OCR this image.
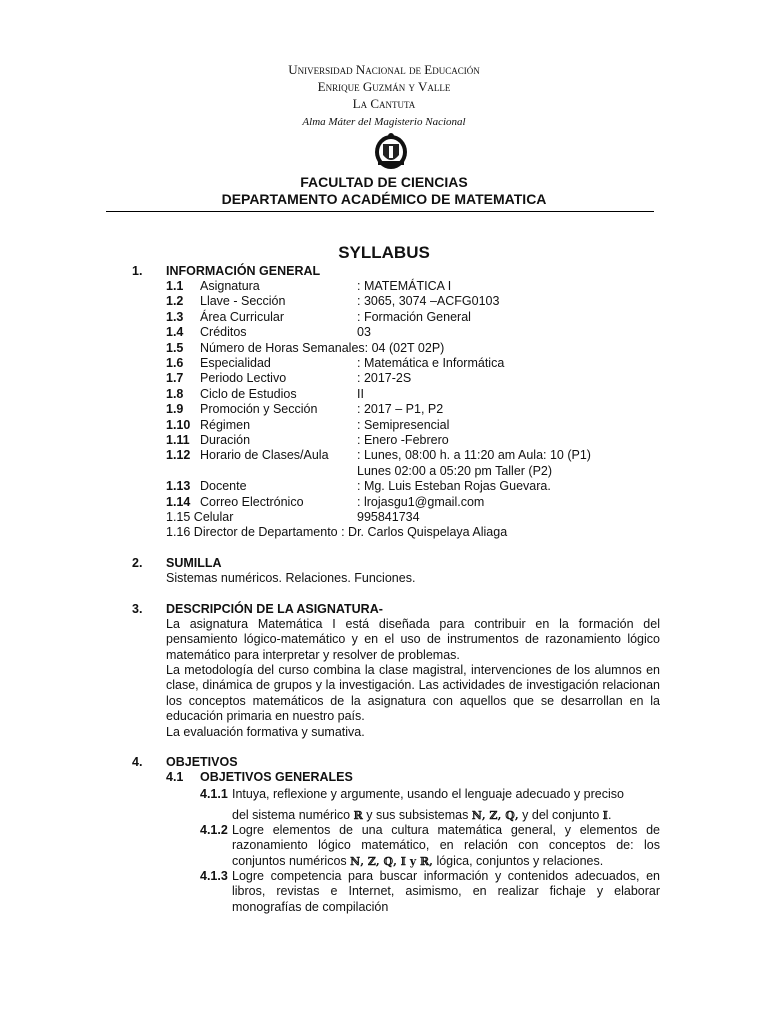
Universidad Nacional de Educación
Enrique Guzmán y Valle
La Cantuta
Alma Máter del Magisterio Nacional
FACULTAD DE CIENCIAS
DEPARTAMENTO ACADÉMICO DE MATEMATICA
SYLLABUS
1. INFORMACIÓN GENERAL
1.1 Asignatura	: MATEMÁTICA I
1.2 Llave - Sección	: 3065, 3074 –ACFG0103
1.3 Área Curricular	: Formación General
1.4 Créditos	03
1.5 Número de Horas Semanales: 04 (02T 02P)
1.6 Especialidad	: Matemática e Informática
1.7 Periodo Lectivo	: 2017-2S
1.8 Ciclo de Estudios	II
1.9 Promoción y Sección	: 2017 – P1, P2
1.10 Régimen	: Semipresencial
1.11 Duración	: Enero -Febrero
1.12 Horario de Clases/Aula : Lunes, 08:00 h. a 11:20 am Aula: 10 (P1)
Lunes 02:00 a 05:20 pm Taller (P2)
1.13 Docente	: Mg. Luis Esteban Rojas Guevara.
1.14 Correo Electrónico	: lrojasgu1@gmail.com
1.15 Celular	995841734
1.16 Director de Departamento : Dr. Carlos Quispelaya Aliaga
2. SUMILLA
Sistemas numéricos. Relaciones. Funciones.
3. DESCRIPCIÓN DE LA ASIGNATURA-
La asignatura Matemática I está diseñada para contribuir en la formación del pensamiento lógico-matemático y en el uso de instrumentos de razonamiento lógico matemático para interpretar y resolver de problemas.
La metodología del curso combina la clase magistral, intervenciones de los alumnos en clase, dinámica de grupos y la investigación. Las actividades de investigación relacionan los conceptos matemáticos de la asignatura con aquellos que se desarrollan en la educación primaria en nuestro país.
La evaluación formativa y sumativa.
4. OBJETIVOS
4.1 OBJETIVOS GENERALES
4.1.1 Intuya, reflexione y argumente, usando el lenguaje adecuado y preciso
del sistema numérico ℝ y sus subsistemas ℕ, ℤ, ℚ, y del conjunto 𝕀.
4.1.2 Logre elementos de una cultura matemática general, y elementos de razonamiento lógico matemático, en relación con conceptos de: los conjuntos numéricos ℕ, ℤ, ℚ, 𝕀 y ℝ, lógica, conjuntos y relaciones.
4.1.3 Logre competencia para buscar información y contenidos adecuados, en libros, revistas e Internet, asimismo, en realizar fichaje y elaborar monografías de compilación
